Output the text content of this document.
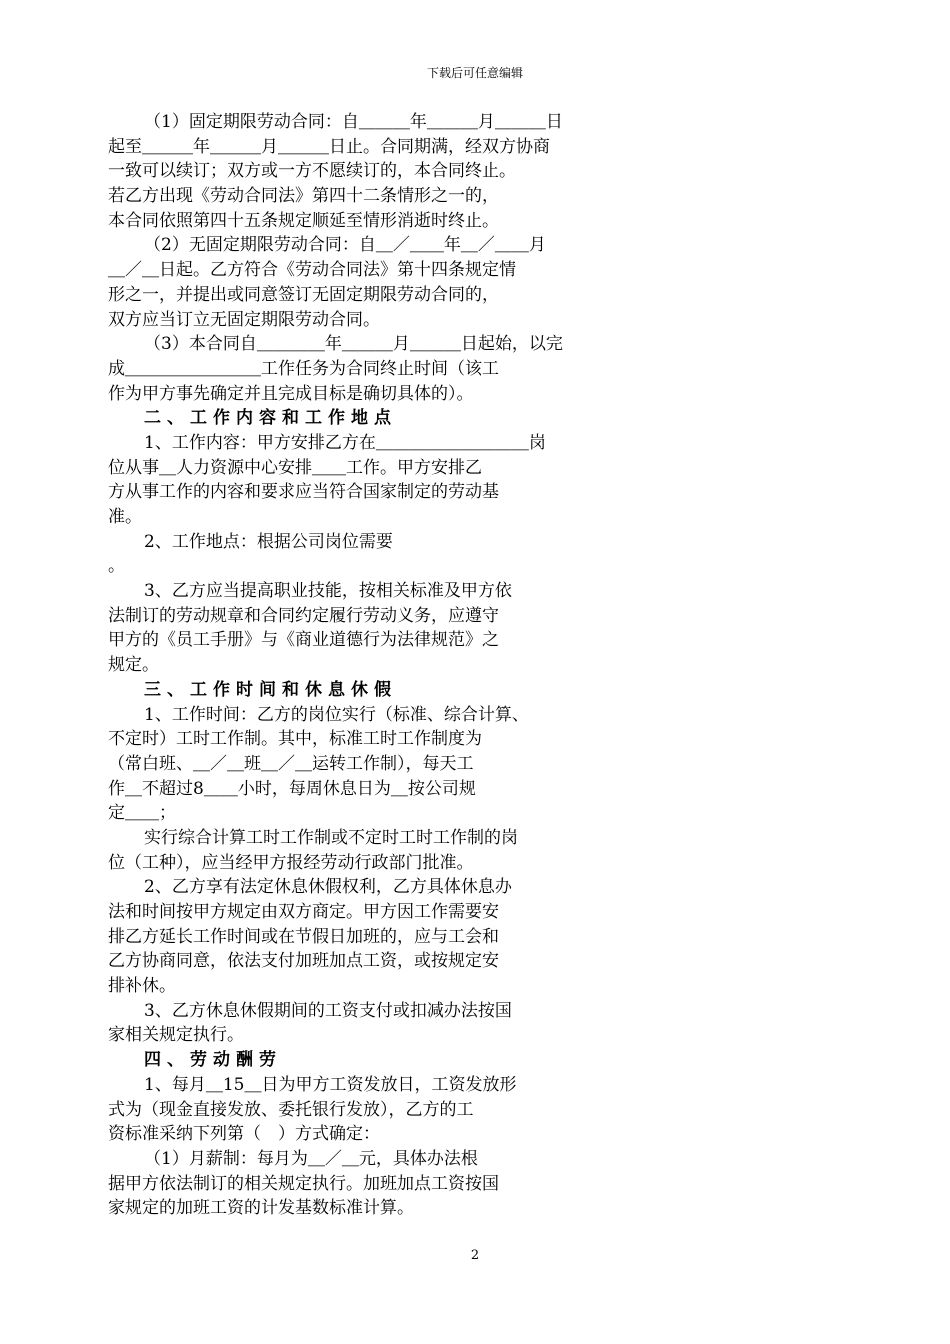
下载后可任意编辑
（1）固定期限劳动合同：自＿＿＿年＿＿＿月＿＿＿日
起至＿＿＿年＿＿＿月＿＿＿日止。合同期满，经双方协商
一致可以续订；双方或一方不愿续订的，本合同终止。
若乙方出现《劳动合同法》第四十二条情形之一的，
本合同依照第四十五条规定顺延至情形消逝时终止。
（2）无固定期限劳动合同：自＿／＿＿年＿／＿＿月
＿／＿日起。乙方符合《劳动合同法》第十四条规定情
形之一，并提出或同意签订无固定期限劳动合同的，
双方应当订立无固定期限劳动合同。
（3）本合同自＿＿＿＿年＿＿＿月＿＿＿日起始，以完
成＿＿＿＿＿＿＿＿工作任务为合同终止时间（该工
作为甲方事先确定并且完成目标是确切具体的）。
二、工作内容和工作地点
1、工作内容：甲方安排乙方在＿＿＿＿＿＿＿＿＿岗
位从事＿人力资源中心安排＿＿工作。甲方安排乙
方从事工作的内容和要求应当符合国家制定的劳动基
准。
2、工作地点：根据公司岗位需要
。
3、乙方应当提高职业技能，按相关标准及甲方依
法制订的劳动规章和合同约定履行劳动义务，应遵守
甲方的《员工手册》与《商业道德行为法律规范》之
规定。
三、工作时间和休息休假
1、工作时间：乙方的岗位实行（标准、综合计算、
不定时）工时工作制。其中，标准工时工作制度为
（常白班、＿／＿班＿／＿运转工作制），每天工
作＿不超过8＿＿小时，每周休息日为＿按公司规
定＿＿；
实行综合计算工时工作制或不定时工时工作制的岗
位（工种），应当经甲方报经劳动行政部门批准。
2、乙方享有法定休息休假权利，乙方具体休息办
法和时间按甲方规定由双方商定。甲方因工作需要安
排乙方延长工作时间或在节假日加班的，应与工会和
乙方协商同意，依法支付加班加点工资，或按规定安
排补休。
3、乙方休息休假期间的工资支付或扣减办法按国
家相关规定执行。
四、劳动酬劳
1、每月＿15＿日为甲方工资发放日，工资发放形
式为（现金直接发放、委托银行发放），乙方的工
资标准采纳下列第（　）方式确定：
（1）月薪制：每月为＿／＿元，具体办法根
据甲方依法制订的相关规定执行。加班加点工资按国
家规定的加班工资的计发基数标准计算。
2
